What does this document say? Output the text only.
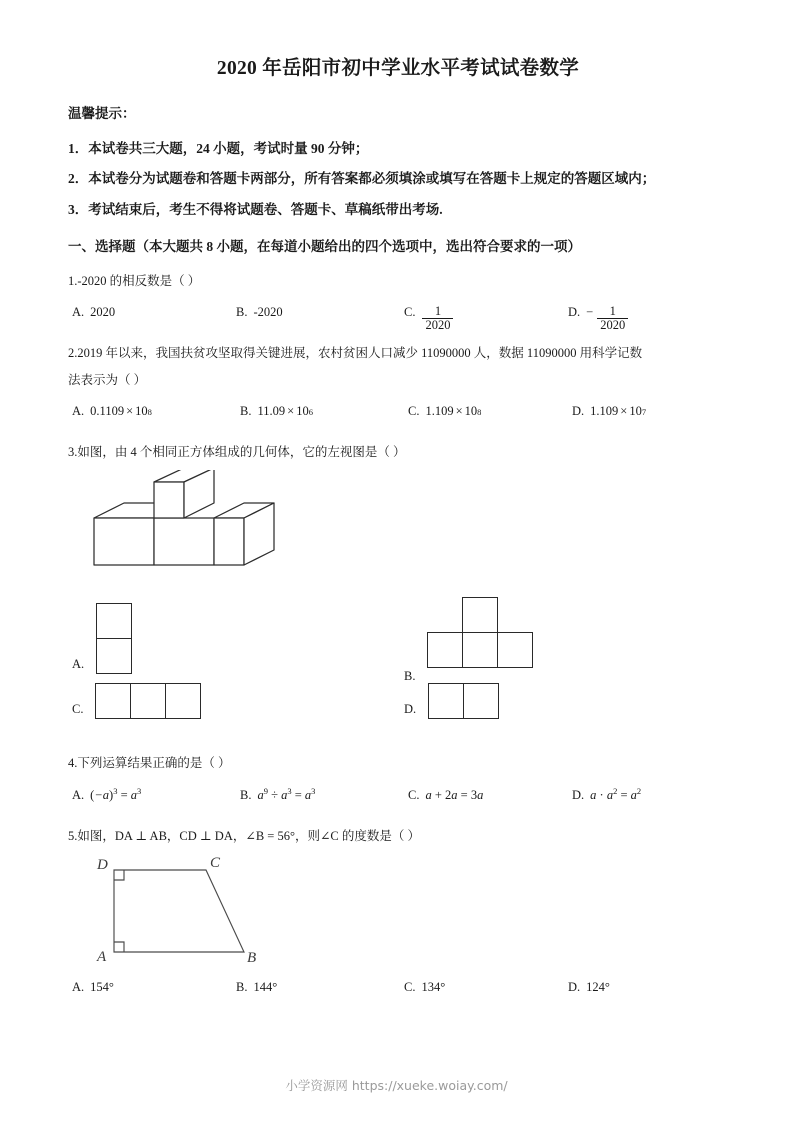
2020 年岳阳市初中学业水平考试试卷数学
温馨提示：
1．本试卷共三大题，24 小题，考试时量 90 分钟；
2．本试卷分为试题卷和答题卡两部分，所有答案都必须填涂或填写在答题卡上规定的答题区域内；
3．考试结束后，考生不得将试题卷、答题卡、草稿纸带出考场.
一、选择题（本大题共 8 小题，在每道小题给出的四个选项中，选出符合要求的一项）
1.-2020 的相反数是（ ）
A. 2020	B. -2020	C. $\frac{1}{2020}$	D. − $\frac{1}{2020}$
2.2019 年以来，我国扶贫攻坚取得关键进展，农村贫困人口减少 11090000 人，数据 11090000 用科学记数
法表示为（ ）
A. 0.1109 × 10 8	B. 11.09 × 10 6	C. 1.109 × 10 8	D. 1.109 × 10 7
3.如图，由 4 个相同正方体组成的几何体，它的左视图是（ ）
A.

B.

C.
			D.

4.下列运算结果正确的是（ ）
A. $(-a)^3 = a^3$	B. $a^9 \div a^3 = a^3$	C. a + 2a = 3a	D. $a \cdot a^2 = a^2$
5.如图，DA ⊥ AB，CD ⊥ DA，∠B = 56°，则∠C 的度数是（ ）
D	C
A	B
A. 154°	B. 144°	C. 134°	D. 124°
小学资源网 https://xueke.woiay.com/
